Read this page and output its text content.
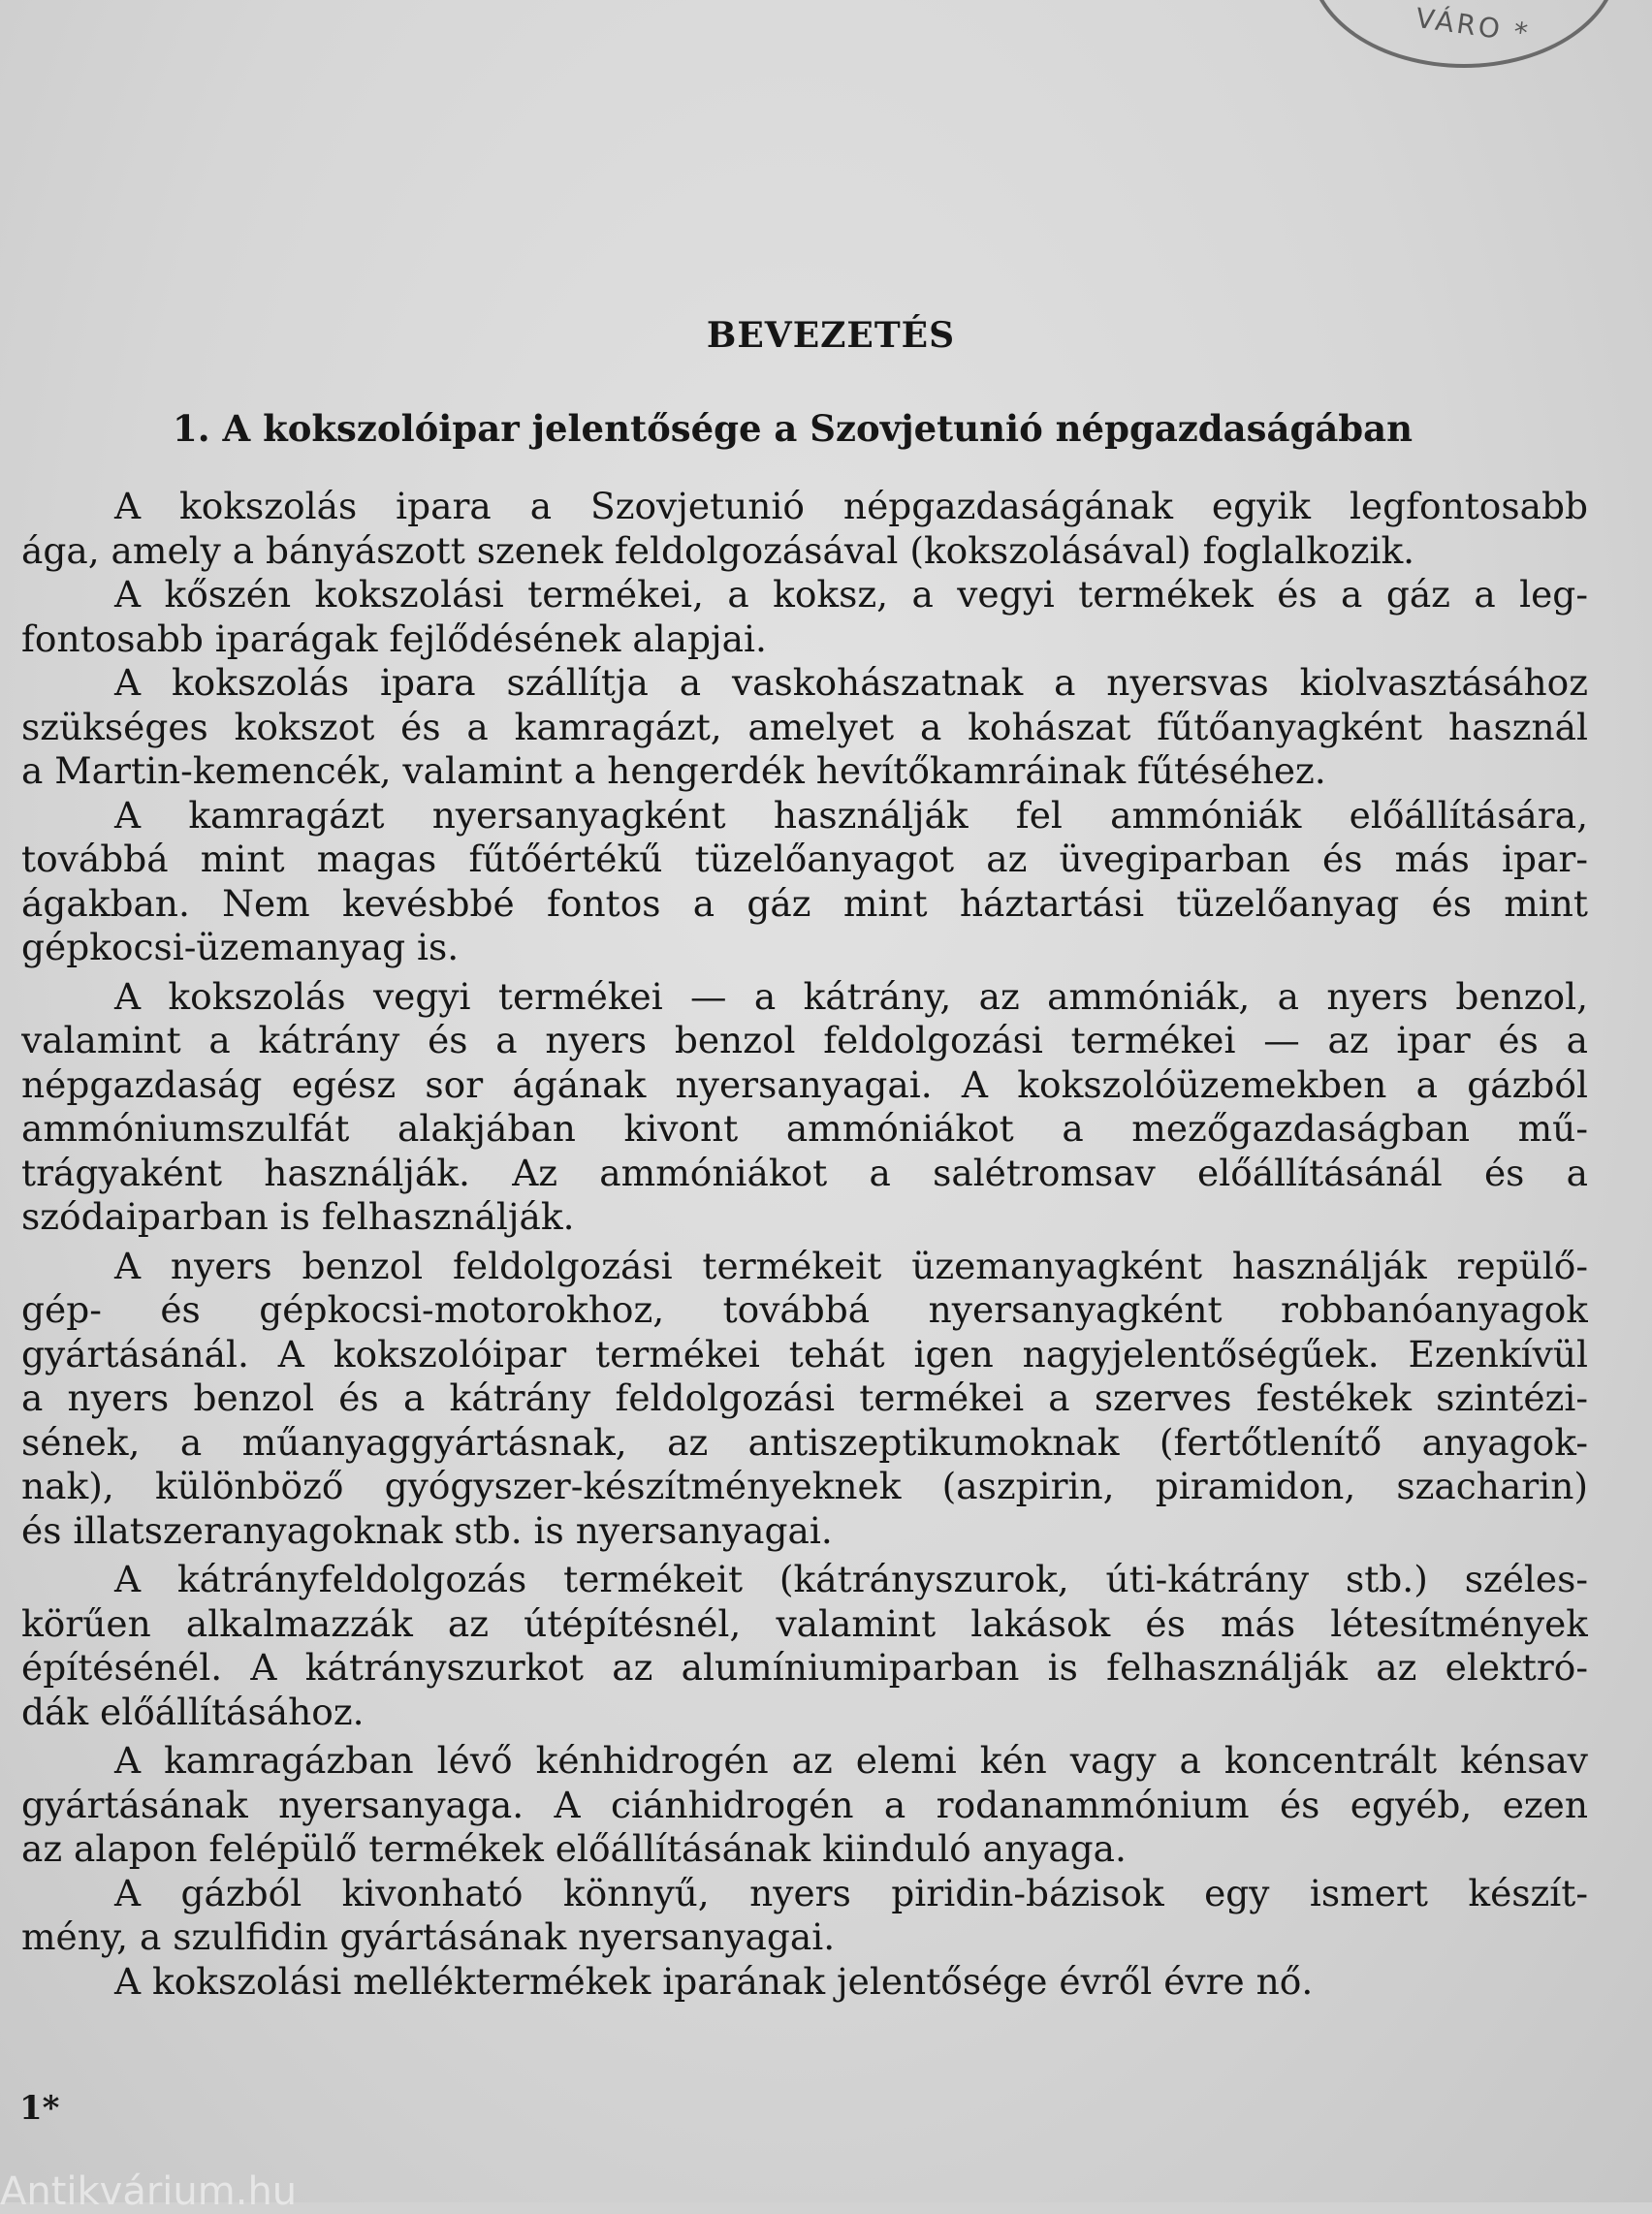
VÁRO *
BEVEZETÉS
1. A kokszolóipar jelentősége a Szovjetunió népgazdaságában
A kokszolás ipara a Szovjetunió népgazdaságának egyik legfontosabb
ága, amely a bányászott szenek feldolgozásával (kokszolásával) foglalkozik.
A kőszén kokszolási termékei, a koksz, a vegyi termékek és a gáz a leg-
fontosabb iparágak fejlődésének alapjai.
A kokszolás ipara szállítja a vaskohászatnak a nyersvas kiolvasztásához
szükséges kokszot és a kamragázt, amelyet a kohászat fűtőanyagként használ
a Martin-kemencék, valamint a hengerdék hevítőkamráinak fűtéséhez.
A kamragázt nyersanyagként használják fel ammóniák előállítására,
továbbá mint magas fűtőértékű tüzelőanyagot az üvegiparban és más ipar-
ágakban. Nem kevésbbé fontos a gáz mint háztartási tüzelőanyag és mint
gépkocsi-üzemanyag is.
A kokszolás vegyi termékei — a kátrány, az ammóniák, a nyers benzol,
valamint a kátrány és a nyers benzol feldolgozási termékei — az ipar és a
népgazdaság egész sor ágának nyersanyagai. A kokszolóüzemekben a gázból
ammóniumszulfát alakjában kivont ammóniákot a mezőgazdaságban mű-
trágyaként használják. Az ammóniákot a salétromsav előállításánál és a
szódaiparban is felhasználják.
A nyers benzol feldolgozási termékeit üzemanyagként használják repülő-
gép- és gépkocsi-motorokhoz, továbbá nyersanyagként robbanóanyagok
gyártásánál. A kokszolóipar termékei tehát igen nagyjelentőségűek. Ezenkívül
a nyers benzol és a kátrány feldolgozási termékei a szerves festékek szintézi-
sének, a műanyaggyártásnak, az antiszeptikumoknak (fertőtlenítő anyagok-
nak), különböző gyógyszer-készítményeknek (aszpirin, piramidon, szacharin)
és illatszeranyagoknak stb. is nyersanyagai.
A kátrányfeldolgozás termékeit (kátrányszurok, úti-kátrány stb.) széles-
körűen alkalmazzák az útépítésnél, valamint lakások és más létesítmények
építésénél. A kátrányszurkot az alumíniumiparban is felhasználják az elektró-
dák előállításához.
A kamragázban lévő kénhidrogén az elemi kén vagy a koncentrált kénsav
gyártásának nyersanyaga. A ciánhidrogén a rodanammónium és egyéb, ezen
az alapon felépülő termékek előállításának kiinduló anyaga.
A gázból kivonható könnyű, nyers piridin-bázisok egy ismert készít-
mény, a szulfidin gyártásának nyersanyagai.
A kokszolási melléktermékek iparának jelentősége évről évre nő.
1*
Antikvárium.hu
